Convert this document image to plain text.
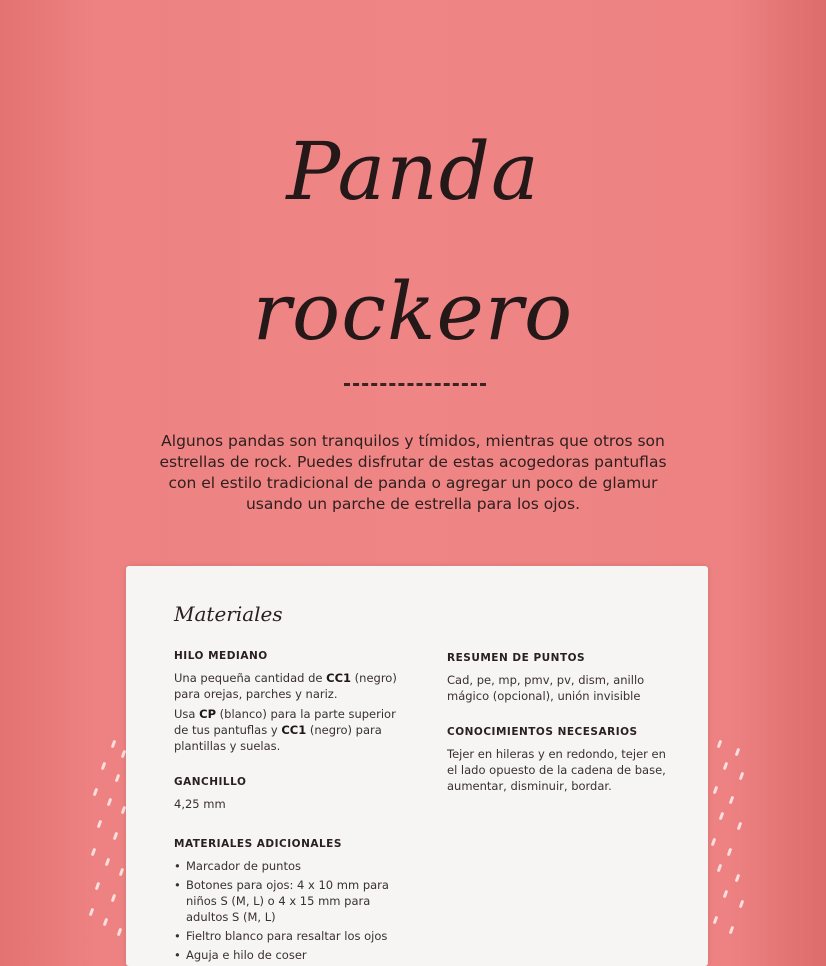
Panda
rockero
Algunos pandas son tranquilos y tímidos, mientras que otros son estrellas de rock. Puedes disfrutar de estas acogedoras pantuflas con el estilo tradicional de panda o agregar un poco de glamur usando un parche de estrella para los ojos.
Materiales
HILO MEDIANO
Una pequeña cantidad de CC1 (negro) para orejas, parches y nariz.
Usa CP (blanco) para la parte superior de tus pantuflas y CC1 (negro) para plantillas y suelas.
GANCHILLO
4,25 mm
MATERIALES ADICIONALES
• Marcador de puntos
• Botones para ojos: 4 x 10 mm para niños S (M, L) o 4 x 15 mm para adultos S (M, L)
• Fieltro blanco para resaltar los ojos
• Aguja e hilo de coser
RESUMEN DE PUNTOS
Cad, pe, mp, pmv, pv, dism, anillo mágico (opcional), unión invisible
CONOCIMIENTOS NECESARIOS
Tejer en hileras y en redondo, tejer en el lado opuesto de la cadena de base, aumentar, disminuir, bordar.
